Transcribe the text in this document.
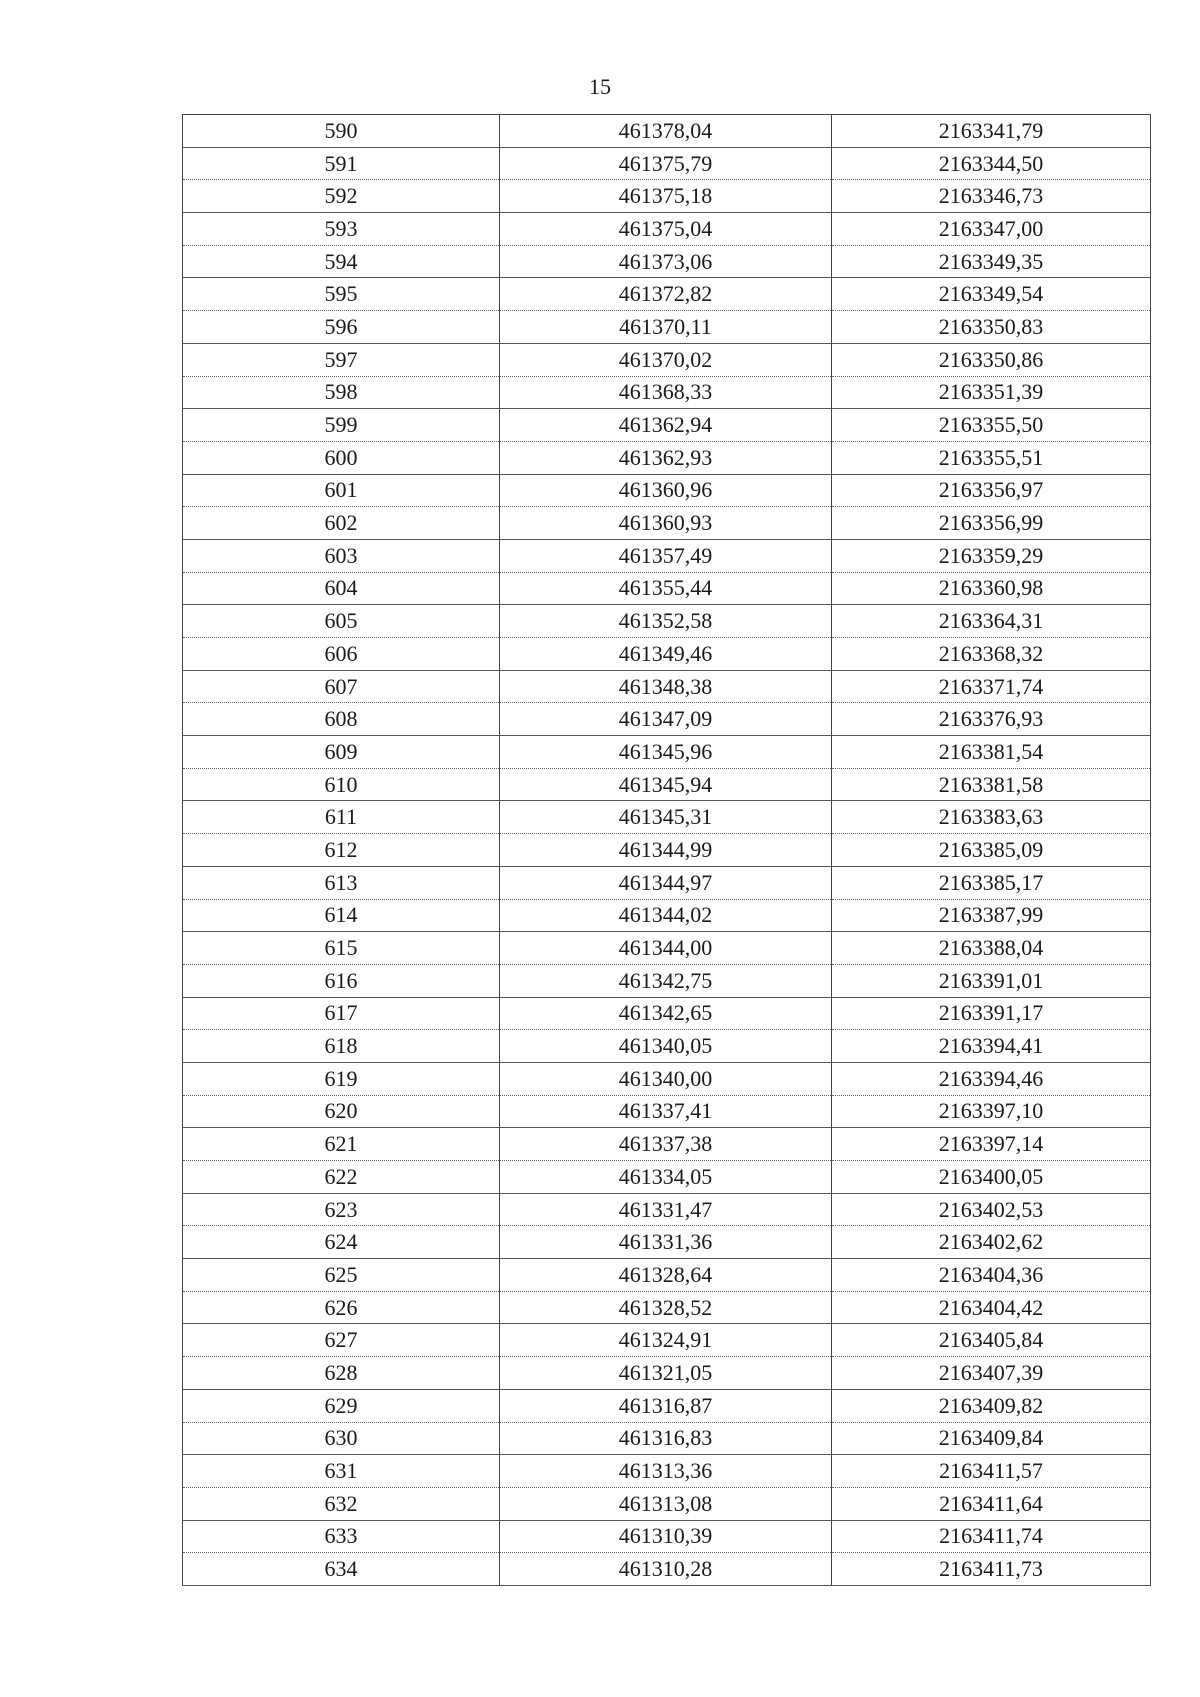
15
590	461378,04	2163341,79
591	461375,79	2163344,50
592	461375,18	2163346,73
593	461375,04	2163347,00
594	461373,06	2163349,35
595	461372,82	2163349,54
596	461370,11	2163350,83
597	461370,02	2163350,86
598	461368,33	2163351,39
599	461362,94	2163355,50
600	461362,93	2163355,51
601	461360,96	2163356,97
602	461360,93	2163356,99
603	461357,49	2163359,29
604	461355,44	2163360,98
605	461352,58	2163364,31
606	461349,46	2163368,32
607	461348,38	2163371,74
608	461347,09	2163376,93
609	461345,96	2163381,54
610	461345,94	2163381,58
611	461345,31	2163383,63
612	461344,99	2163385,09
613	461344,97	2163385,17
614	461344,02	2163387,99
615	461344,00	2163388,04
616	461342,75	2163391,01
617	461342,65	2163391,17
618	461340,05	2163394,41
619	461340,00	2163394,46
620	461337,41	2163397,10
621	461337,38	2163397,14
622	461334,05	2163400,05
623	461331,47	2163402,53
624	461331,36	2163402,62
625	461328,64	2163404,36
626	461328,52	2163404,42
627	461324,91	2163405,84
628	461321,05	2163407,39
629	461316,87	2163409,82
630	461316,83	2163409,84
631	461313,36	2163411,57
632	461313,08	2163411,64
633	461310,39	2163411,74
634	461310,28	2163411,73
